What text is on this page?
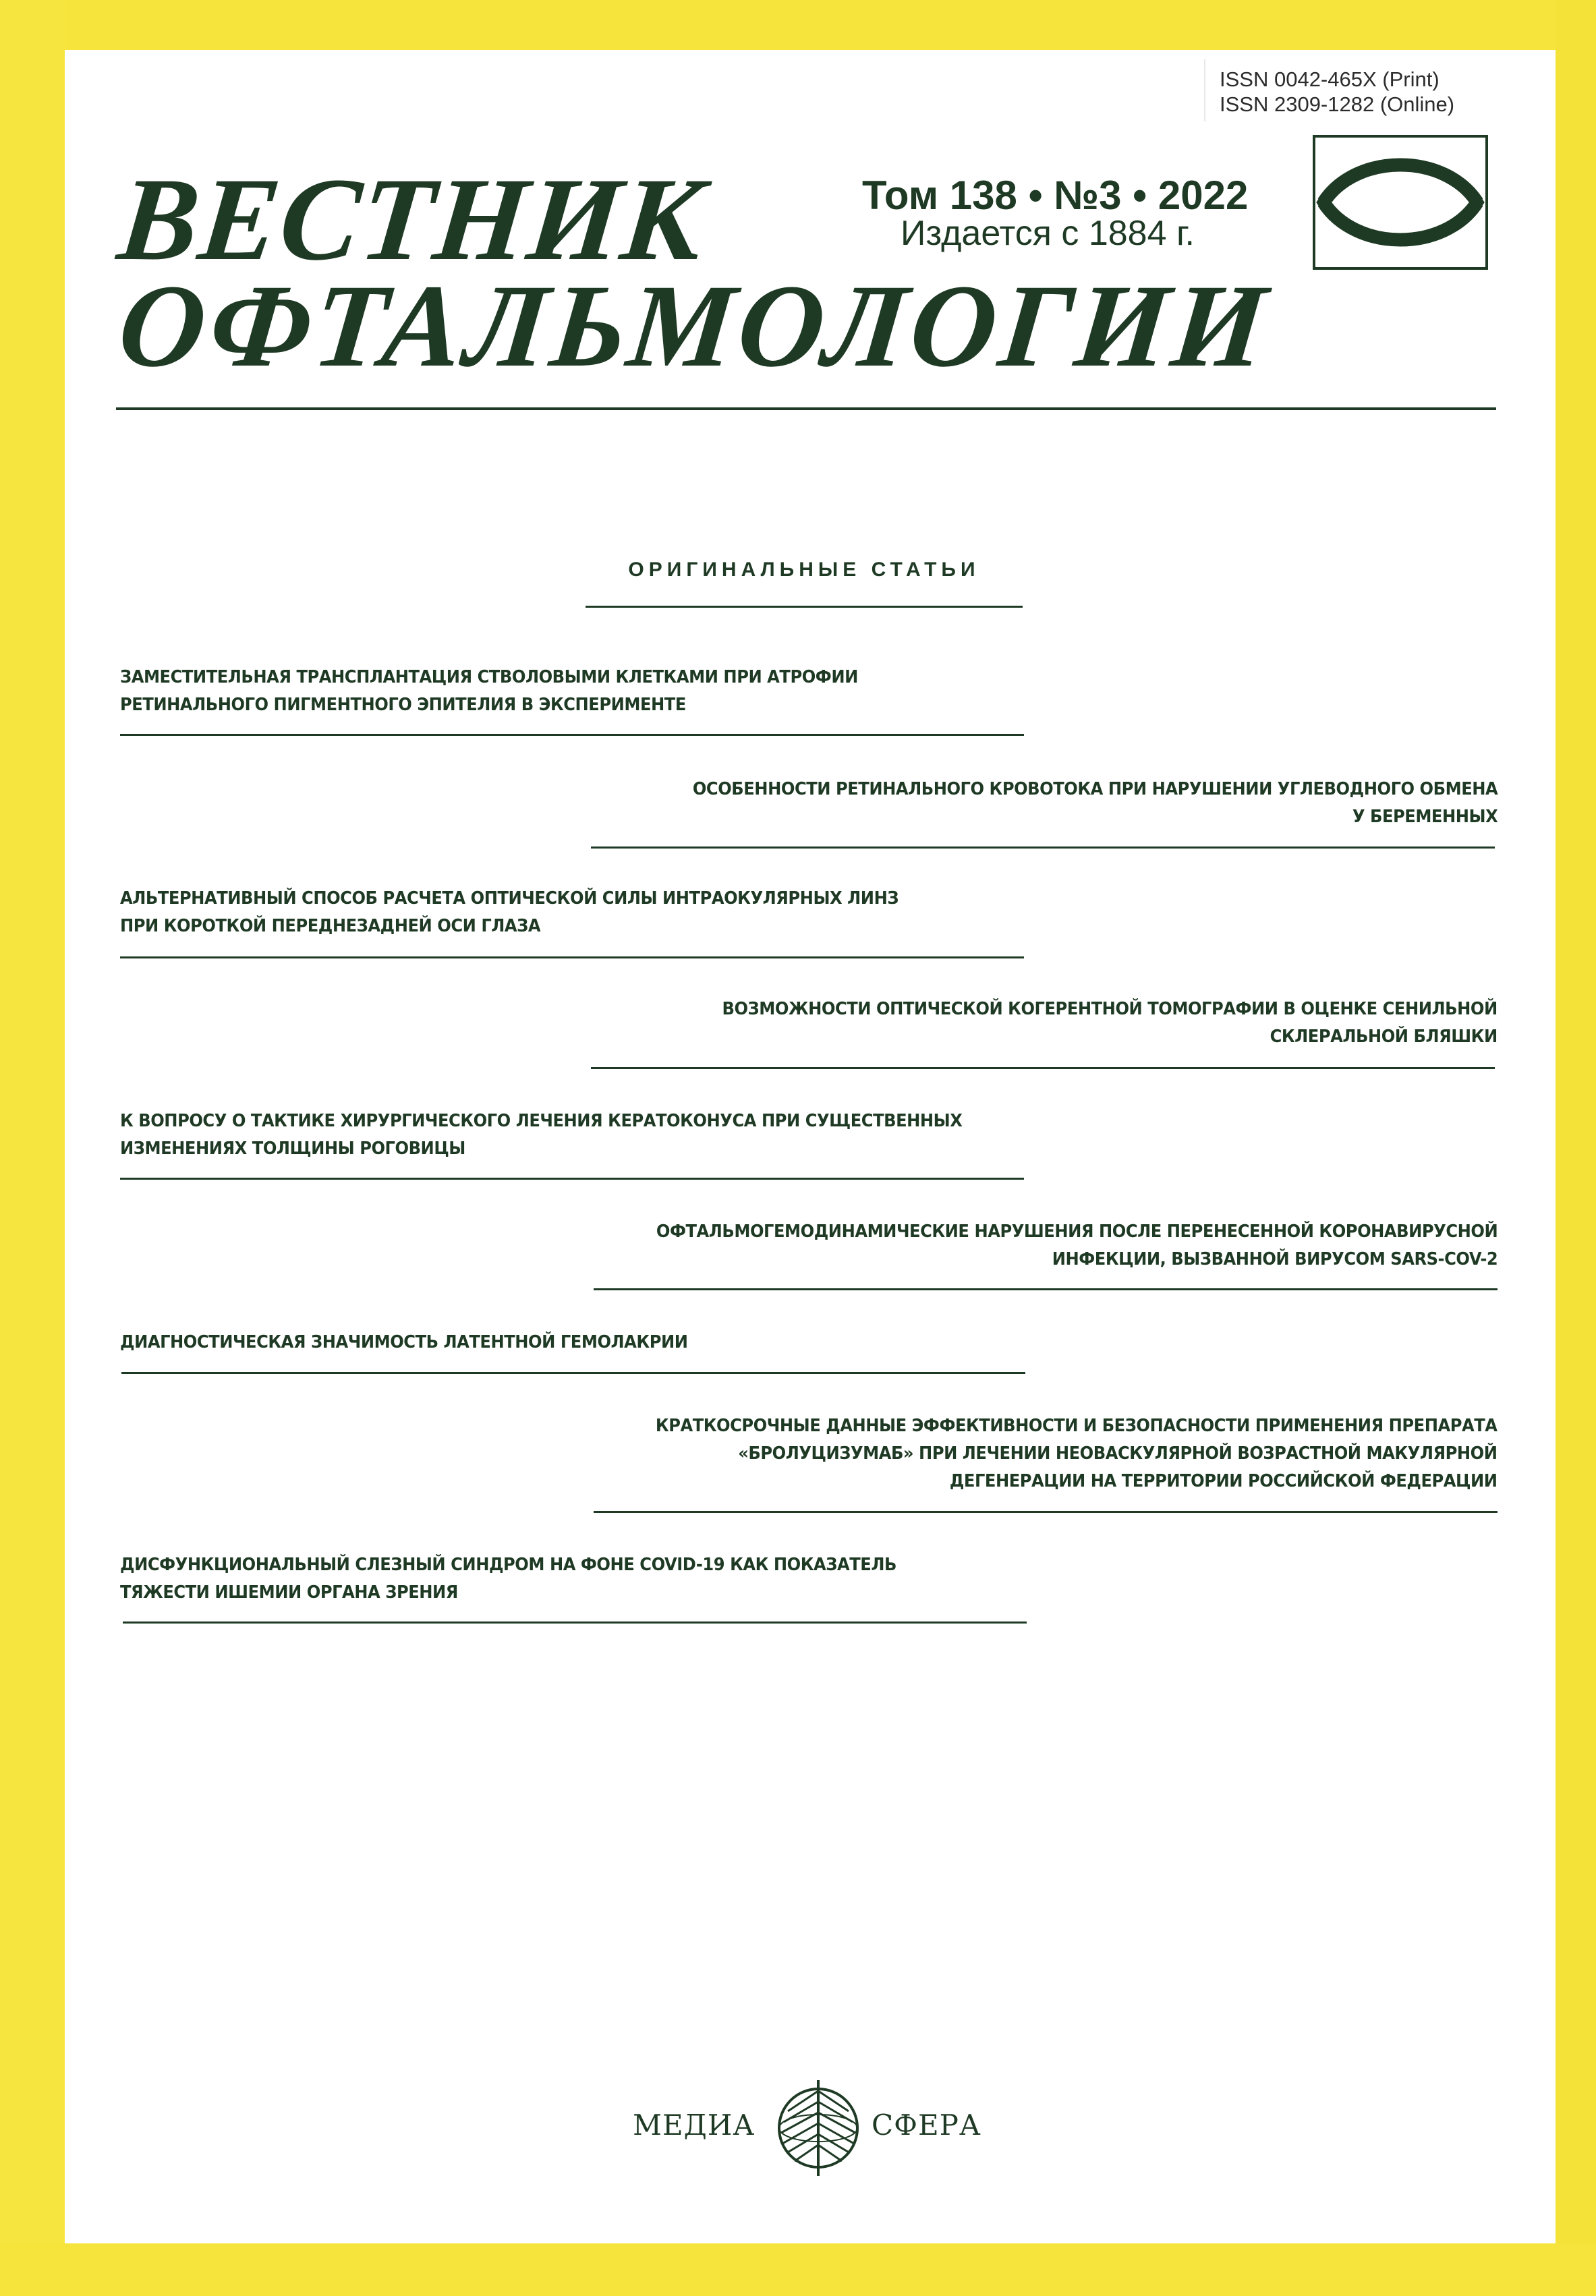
ISSN 0042-465X (Print)
ISSN 2309-1282 (Online)
ВЕСТНИК
ОФТАЛЬМОЛОГИИ
Том 138 • №3 • 2022
Издается с 1884 г.
ОРИГИНАЛЬНЫЕ СТАТЬИ
ЗАМЕСТИТЕЛЬНАЯ ТРАНСПЛАНТАЦИЯ СТВОЛОВЫМИ КЛЕТКАМИ ПРИ АТРОФИИ
РЕТИНАЛЬНОГО ПИГМЕНТНОГО ЭПИТЕЛИЯ В ЭКСПЕРИМЕНТЕ
ОСОБЕННОСТИ РЕТИНАЛЬНОГО КРОВОТОКА ПРИ НАРУШЕНИИ УГЛЕВОДНОГО ОБМЕНА
У БЕРЕМЕННЫХ
АЛЬТЕРНАТИВНЫЙ СПОСОБ РАСЧЕТА ОПТИЧЕСКОЙ СИЛЫ ИНТРАОКУЛЯРНЫХ ЛИНЗ
ПРИ КОРОТКОЙ ПЕРЕДНЕЗАДНЕЙ ОСИ ГЛАЗА
ВОЗМОЖНОСТИ ОПТИЧЕСКОЙ КОГЕРЕНТНОЙ ТОМОГРАФИИ В ОЦЕНКЕ СЕНИЛЬНОЙ
СКЛЕРАЛЬНОЙ БЛЯШКИ
К ВОПРОСУ О ТАКТИКЕ ХИРУРГИЧЕСКОГО ЛЕЧЕНИЯ КЕРАТОКОНУСА ПРИ СУЩЕСТВЕННЫХ
ИЗМЕНЕНИЯХ ТОЛЩИНЫ РОГОВИЦЫ
ОФТАЛЬМОГЕМОДИНАМИЧЕСКИЕ НАРУШЕНИЯ ПОСЛЕ ПЕРЕНЕСЕННОЙ КОРОНАВИРУСНОЙ
ИНФЕКЦИИ, ВЫЗВАННОЙ ВИРУСОМ SARS-COV-2
ДИАГНОСТИЧЕСКАЯ ЗНАЧИМОСТЬ ЛАТЕНТНОЙ ГЕМОЛАКРИИ
КРАТКОСРОЧНЫЕ ДАННЫЕ ЭФФЕКТИВНОСТИ И БЕЗОПАСНОСТИ ПРИМЕНЕНИЯ ПРЕПАРАТА
«БРОЛУЦИЗУМАБ» ПРИ ЛЕЧЕНИИ НЕОВАСКУЛЯРНОЙ ВОЗРАСТНОЙ МАКУЛЯРНОЙ
ДЕГЕНЕРАЦИИ НА ТЕРРИТОРИИ РОССИЙСКОЙ ФЕДЕРАЦИИ
ДИСФУНКЦИОНАЛЬНЫЙ СЛЕЗНЫЙ СИНДРОМ НА ФОНЕ COVID-19 КАК ПОКАЗАТЕЛЬ
ТЯЖЕСТИ ИШЕМИИ ОРГАНА ЗРЕНИЯ
МЕДИА	СФЕРА
